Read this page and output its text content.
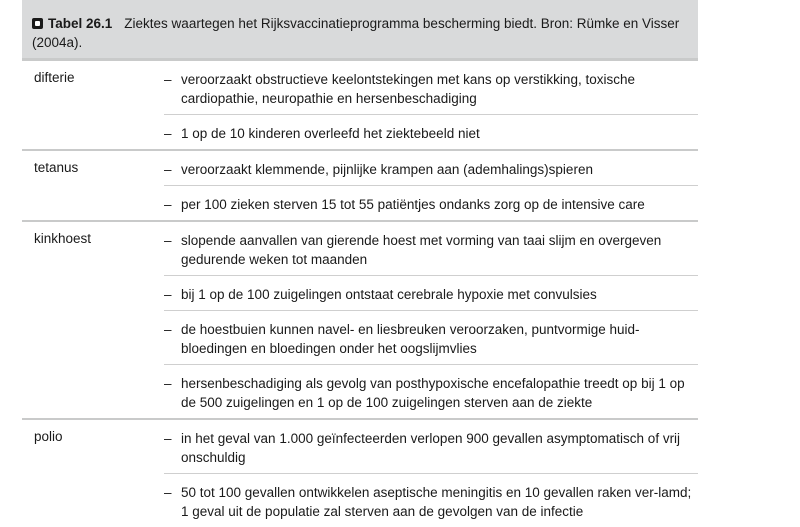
Tabel 26.1 Ziektes waartegen het Rijksvaccinatieprogramma bescherming biedt. Bron: Rümke en Visser (2004a).
difterie	– veroorzaakt obstructieve keelontstekingen met kans op verstikking, toxische cardiopathie, neuropathie en hersenbeschadiging
– 1 op de 10 kinderen overleefd het ziektebeeld niet
tetanus	– veroorzaakt klemmende, pijnlijke krampen aan (ademhalings)spieren
– per 100 zieken sterven 15 tot 55 patiëntjes ondanks zorg op de intensive care
kinkhoest	– slopende aanvallen van gierende hoest met vorming van taai slijm en overgeven gedurende weken tot maanden
– bij 1 op de 100 zuigelingen ontstaat cerebrale hypoxie met convulsies
– de hoestbuien kunnen navel- en liesbreuken veroorzaken, puntvormige huid-bloedingen en bloedingen onder het oogslijmvlies
– hersenbeschadiging als gevolg van posthypoxische encefalopathie treedt op bij 1 op de 500 zuigelingen en 1 op de 100 zuigelingen sterven aan de ziekte
polio	– in het geval van 1.000 geïnfecteerden verlopen 900 gevallen asymptomatisch of vrij onschuldig
– 50 tot 100 gevallen ontwikkelen aseptische meningitis en 10 gevallen raken ver-lamd; 1 geval uit de populatie zal sterven aan de gevolgen van de infectie
